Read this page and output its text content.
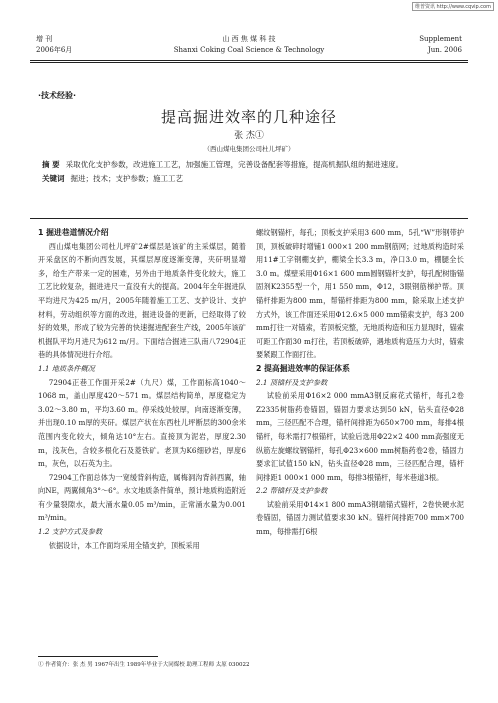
维普资讯 http://www.cqvip.com
增 刊
2006年6月
山 西 焦 煤 科 技
Shanxi Coking Coal Science & Technology
Supplement
Jun. 2006
·技术经验·
提高掘进效率的几种途径
张 杰①
（西山煤电集团公司杜儿坪矿）
摘 要 采取优化支护参数，改进施工工艺，加强施工管理，完善设备配套等措施，提高机掘队组的掘进速度。
关键词 掘进；技术；支护参数；施工工艺
1 掘进巷道情况介绍

西山煤电集团公司杜儿坪矿2#煤层是该矿的主采煤层，随着开采盘区的不断向西发展，其煤层厚度逐渐变薄，夹矸明显增多，给生产带来一定的困难，另外由于地质条件变化较大，施工工艺比较复杂，掘进进尺一直没有大的提高。2004年全年掘进队平均进尺为425 m/月，2005年随着施工工艺、支护设计、支护材料，劳动组织等方面的改进，掘进设备的更新，已经取得了较好的效果，形成了较为完善的快速掘进配套生产线，2005年该矿机掘队平均月进尺为612 m/月。下面结合掘进三队南八72904正巷的具体情况进行介绍。

1.1 地质条件概况

72904正巷工作面开采2#（九尺）煤，工作面标高1040～1068 m，盖山厚度420～571 m。煤层结构简单，厚度稳定为3.02～3.80 m，平均3.60 m。停采线处较厚，向南逐渐变薄，并出现0.10 m厚的夹矸。煤层产状在东西杜儿坪断层的300余米范围内变化较大，倾角达10°左右。直接顶为泥岩，厚度2.30 m，浅灰色，含较多根化石及菱铁矿。老顶为K6细砂岩，厚度6 m，灰色，以石英为主。

72904工作面总体为一宽缓背斜构造，属梅洞沟背斜西翼，轴向NE，两翼倾角3°～6°。水文地质条件简单，预计地质构造附近有少量裂隙水，最大涌水量0.05 m³/min，正常涌水量为0.001 m³/min。

1.2 支护方式及参数

依据设计，本工作面均采用全锚支护，顶板采用

螺纹钢锚杆，每孔；顶板支护采用3 600 mm，5孔“W”形钢带护顶，顶板破碎时增铺1 000×1 200 mm钢筋网；过地质构造时采用11#工字钢棚支护，棚梁全长3.3 m，净口3.0 m，棚腿全长3.0 m。煤壁采用Φ16×1 600 mm圆钢锚杆支护，每孔配树脂锚固剂K2355型一个，用1 550 mm，Φ12，3眼钢筋梯护帮。顶锚杆排距为800 mm，帮锚杆排距为800 mm，除采取上述支护方式外，该工作面还采用Φ12.6×5 000 mm锚索支护，每3 200 mm打往一对锚索，若顶板完整，无地质构造和压力显现时，锚索可距工作面30 m打往，若顶板破碎，遇地质构造压力大时，锚索要紧跟工作面打往。

2 提高掘进效率的保证体系
2.1 顶锚杆及支护参数

试验前采用Φ16×2 000 mmA3钢反麻花式锚杆，每孔2卷Z2335树脂药卷锚固，锚固力要求达到50 kN，钻头直径Φ28 mm，三径匹配不合理，锚杆间排距为650×700 mm，每排4根锚杆，每米需打7根锚杆，试验后选用Φ22×2 400 mm高强度无纵筋左旋螺纹钢锚杆，每孔Φ23×600 mm树脂药卷2卷，锚固力要求汇试值150 kN，钻头直径Φ28 mm，三径匹配合理，锚杆间排距1 000×1 000 mm，每排3根锚杆，每米巷道3根。

2.2 帮锚杆及支护参数

试验前采用Φ14×1 800 mmA3钢端锚式锚杆，2卷快硬水泥卷锚固，锚固力测试值要求30 kN。锚杆间排距700 mm×700 mm，每排需打6根

① 作者简介：张 杰 男 1967年出生 1989年毕业于大同煤校 助理工程师 太原 030022
